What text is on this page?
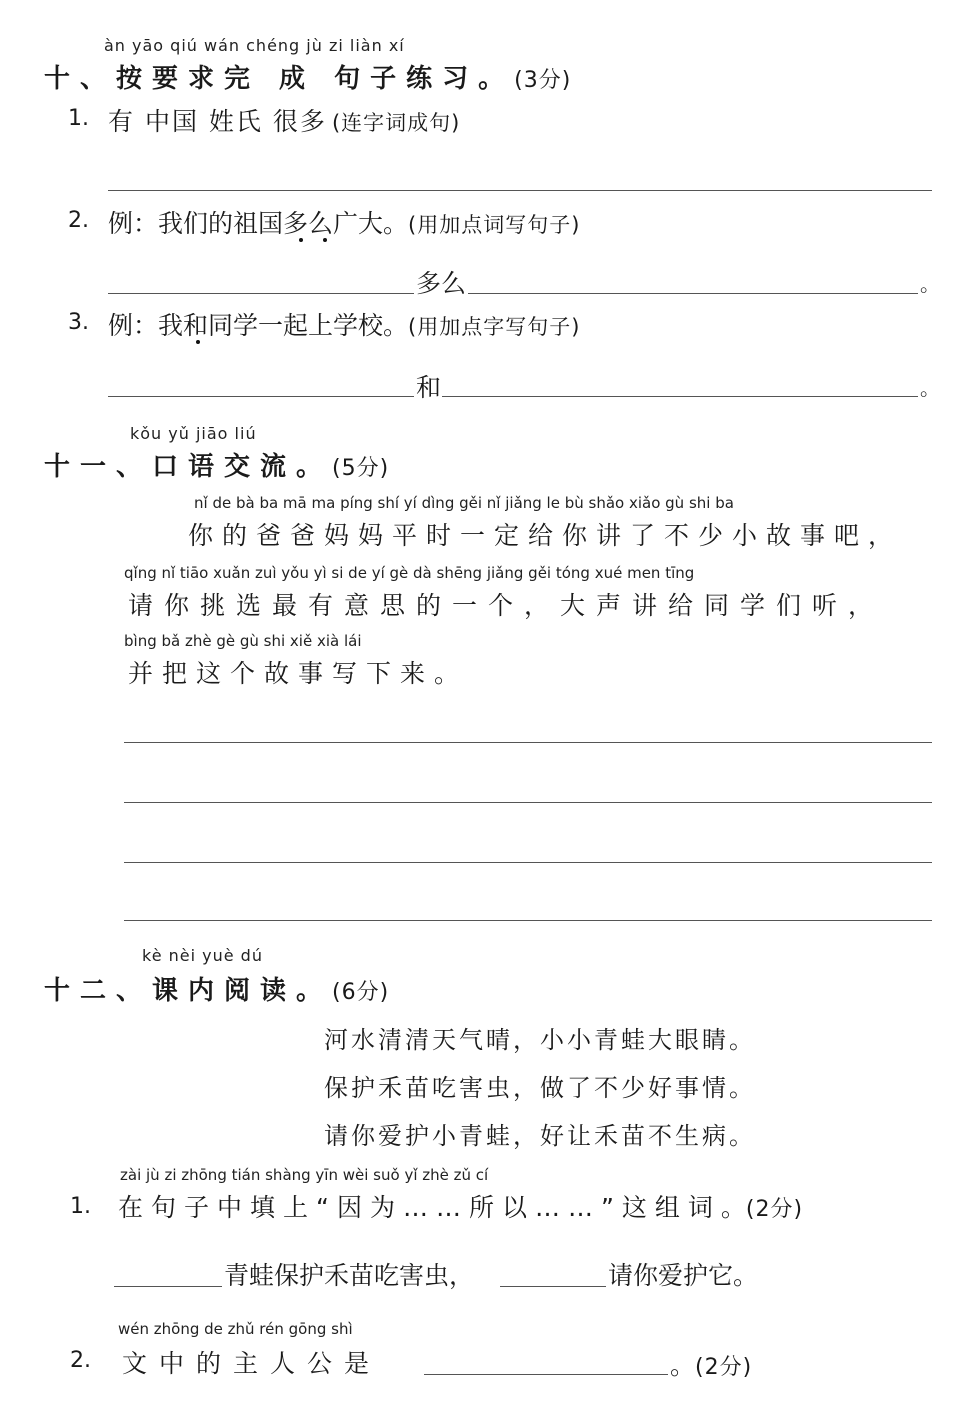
àn yāo qiú wán chéng jù zi liàn xí
十、按要求完 成 句子练习。(3分)
1. 有 中国 姓氏 很多 (连字词成句)
2. 例：我们的祖国多么广大。(用加点词写句子)
多么	。
3. 例：我和同学一起上学校。(用加点字写句子)
和	。
kǒu yǔ jiāo liú
十一、口语交流。(5分)
nǐ de bà ba mā ma píng shí yí dìng gěi nǐ jiǎng le bù shǎo xiǎo gù shi ba
你的爸爸妈妈平时一定给你讲了不少小故事吧，
qǐng nǐ tiāo xuǎn zuì yǒu yì si de yí gè dà shēng jiǎng gěi tóng xué men tīng
请你挑选最有意思的一个，大声讲给同学们听，
bìng bǎ zhè gè gù shi xiě xià lái
并把这个故事写下来。
kè nèi yuè dú
十二、课内阅读。(6分)
河水清清天气晴，小小青蛙大眼睛。
保护禾苗吃害虫，做了不少好事情。
请你爱护小青蛙，好让禾苗不生病。
zài jù zi zhōng tián shàng yīn wèi suǒ yǐ zhè zǔ cí
1. 在句子中填上“因为……所以……”这组词。(2分)
青蛙保护禾苗吃害虫，	请你爱护它。
wén zhōng de zhǔ rén gōng shì
2. 文中的主人公是	。(2分)
